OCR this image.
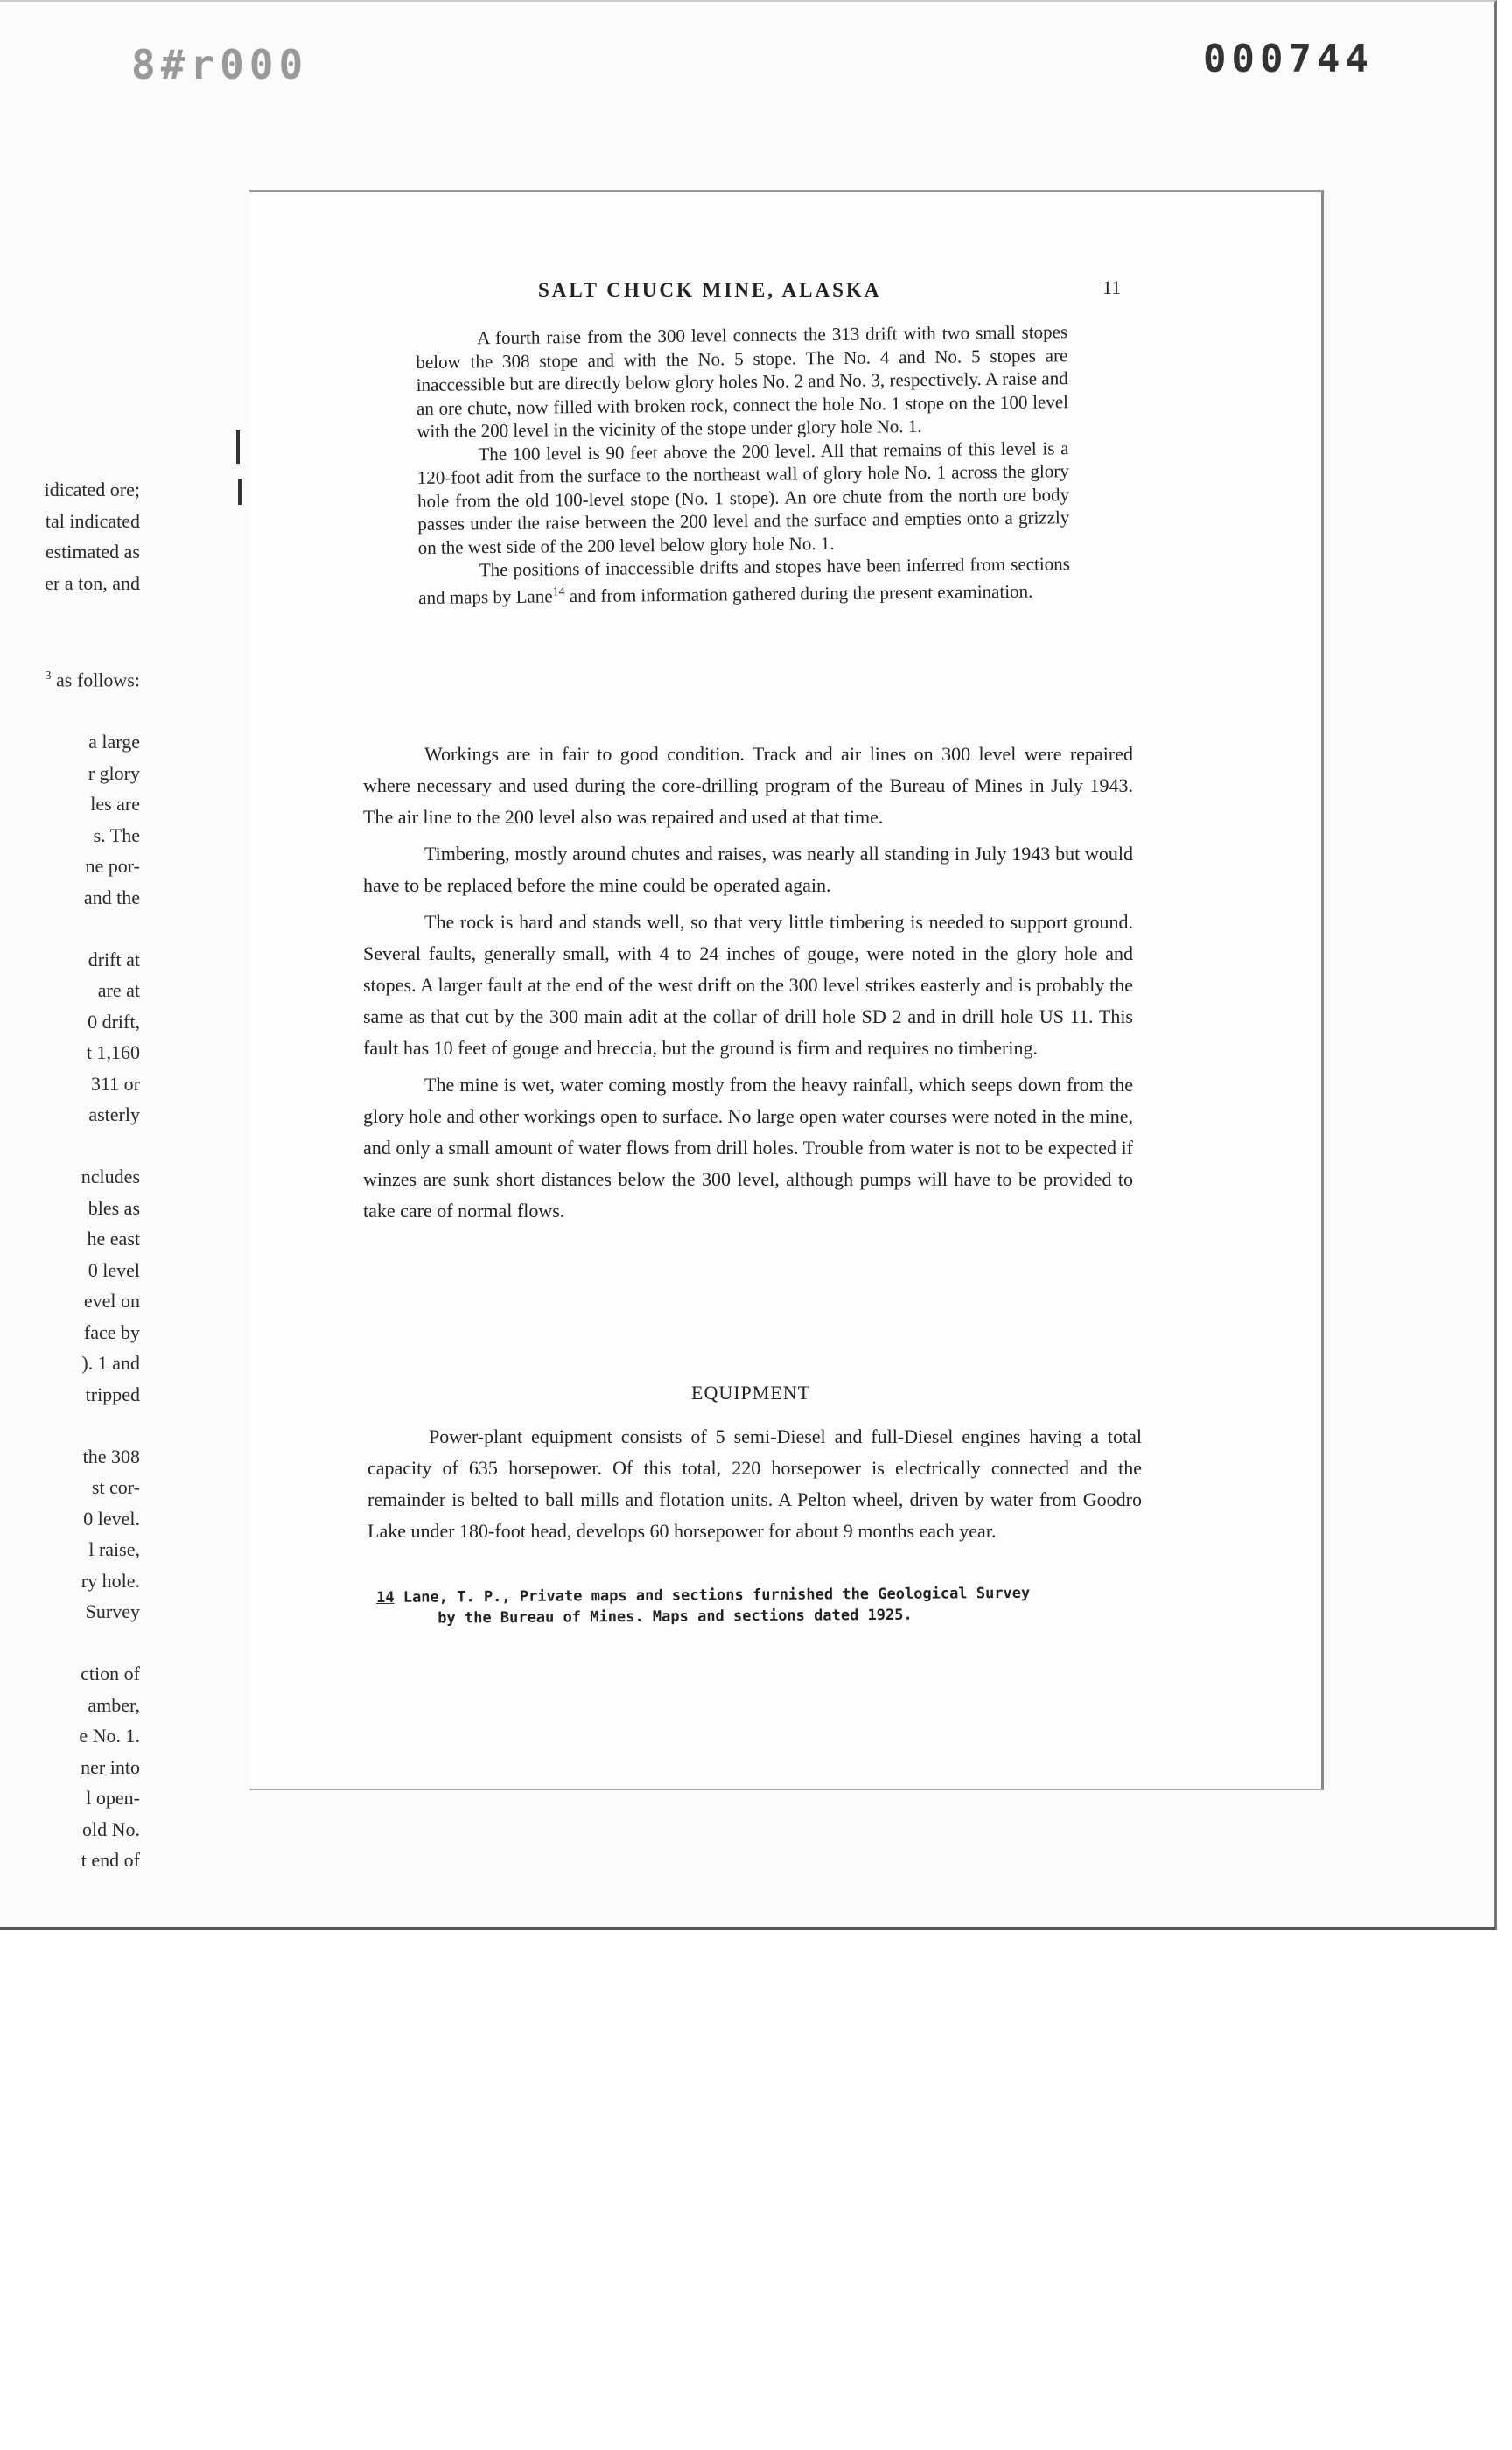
8#r000	000744
idicated ore;
tal indicated
estimated as
er a ton, and

$^3$ as follows:

a large
r glory
les are
s. The
ne por-
and the

drift at
are at
0 drift,
t 1,160
311 or
asterly

ncludes
bles as
he east
0 level
evel on
face by
). 1 and
tripped

the 308
st cor-
0 level.
l raise,
ry hole.
Survey

ction of
amber,
e No. 1.
ner into
l open-
old No.
t end of
SALT CHUCK MINE, ALASKA	11

A fourth raise from the 300 level connects the 313 drift with two small stopes below the 308 stope and with the No. 5 stope. The No. 4 and No. 5 stopes are inaccessible but are directly below glory holes No. 2 and No. 3, respectively. A raise and an ore chute, now filled with broken rock, connect the hole No. 1 stope on the 100 level with the 200 level in the vicinity of the stope under glory hole No. 1.

The 100 level is 90 feet above the 200 level. All that remains of this level is a 120-foot adit from the surface to the northeast wall of glory hole No. 1 across the glory hole from the old 100-level stope (No. 1 stope). An ore chute from the north ore body passes under the raise between the 200 level and the surface and empties onto a grizzly on the west side of the 200 level below glory hole No. 1.

The positions of inaccessible drifts and stopes have been inferred from sections and maps by Lane$^{14}$ and from information gathered during the present examination.

Workings are in fair to good condition. Track and air lines on 300 level were repaired where necessary and used during the core-drilling program of the Bureau of Mines in July 1943. The air line to the 200 level also was repaired and used at that time.

Timbering, mostly around chutes and raises, was nearly all standing in July 1943 but would have to be replaced before the mine could be operated again.

The rock is hard and stands well, so that very little timbering is needed to support ground. Several faults, generally small, with 4 to 24 inches of gouge, were noted in the glory hole and stopes. A larger fault at the end of the west drift on the 300 level strikes easterly and is probably the same as that cut by the 300 main adit at the collar of drill hole SD 2 and in drill hole US 11. This fault has 10 feet of gouge and breccia, but the ground is firm and requires no timbering.

The mine is wet, water coming mostly from the heavy rainfall, which seeps down from the glory hole and other workings open to surface. No large open water courses were noted in the mine, and only a small amount of water flows from drill holes. Trouble from water is not to be expected if winzes are sunk short distances below the 300 level, although pumps will have to be provided to take care of normal flows.

EQUIPMENT

Power-plant equipment consists of 5 semi-Diesel and full-Diesel engines having a total capacity of 635 horsepower. Of this total, 220 horsepower is electrically connected and the remainder is belted to ball mills and flotation units. A Pelton wheel, driven by water from Goodro Lake under 180-foot head, develops 60 horsepower for about 9 months each year.

14 Lane, T. P., Private maps and sections furnished the Geological Survey
by the Bureau of Mines. Maps and sections dated 1925.
